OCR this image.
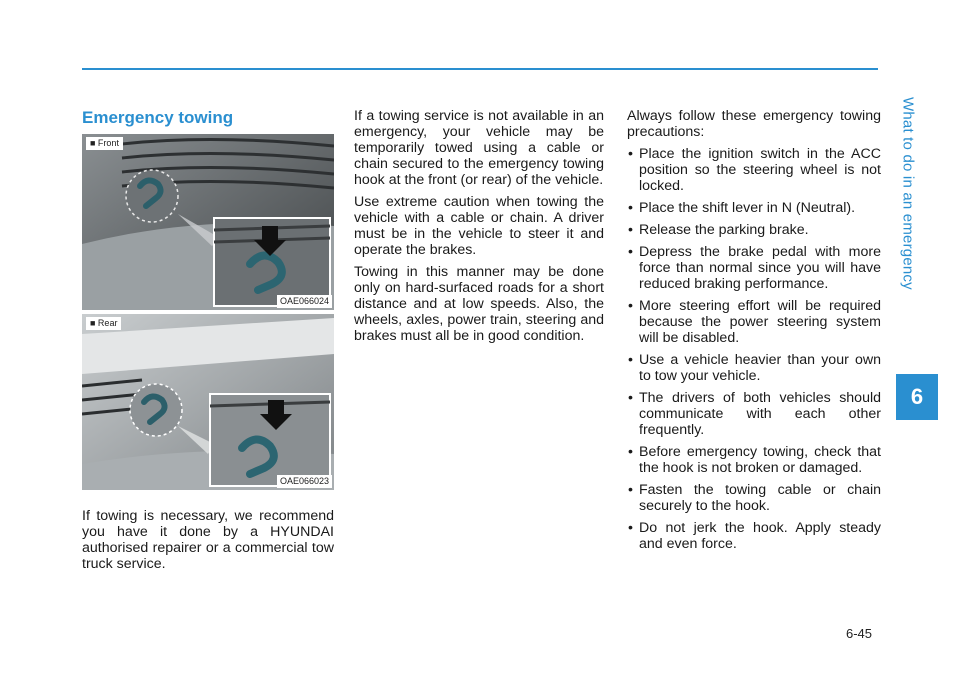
What to do in an emergency
6
Emergency towing
■ Front
OAE066024
■ Rear
OAE066023

If towing is necessary, we recommend you have it done by a HYUNDAI authorised repairer or a commercial tow truck service.

If a towing service is not available in an emergency, your vehicle may be temporarily towed using a cable or chain secured to the emergency towing hook at the front (or rear) of the vehicle.

Use extreme caution when towing the vehicle with a cable or chain. A driver must be in the vehicle to steer it and operate the brakes.

Towing in this manner may be done only on hard-surfaced roads for a short distance and at low speeds. Also, the wheels, axles, power train, steering and brakes must all be in good condition.

Always follow these emergency towing precautions:

• Place the ignition switch in the ACC position so the steering wheel is not locked.
• Place the shift lever in N (Neutral).
• Release the parking brake.
• Depress the brake pedal with more force than normal since you will have reduced braking performance.
• More steering effort will be required because the power steering system will be disabled.
• Use a vehicle heavier than your own to tow your vehicle.
• The drivers of both vehicles should communicate with each other frequently.
• Before emergency towing, check that the hook is not broken or damaged.
• Fasten the towing cable or chain securely to the hook.
• Do not jerk the hook. Apply steady and even force.
6-45
